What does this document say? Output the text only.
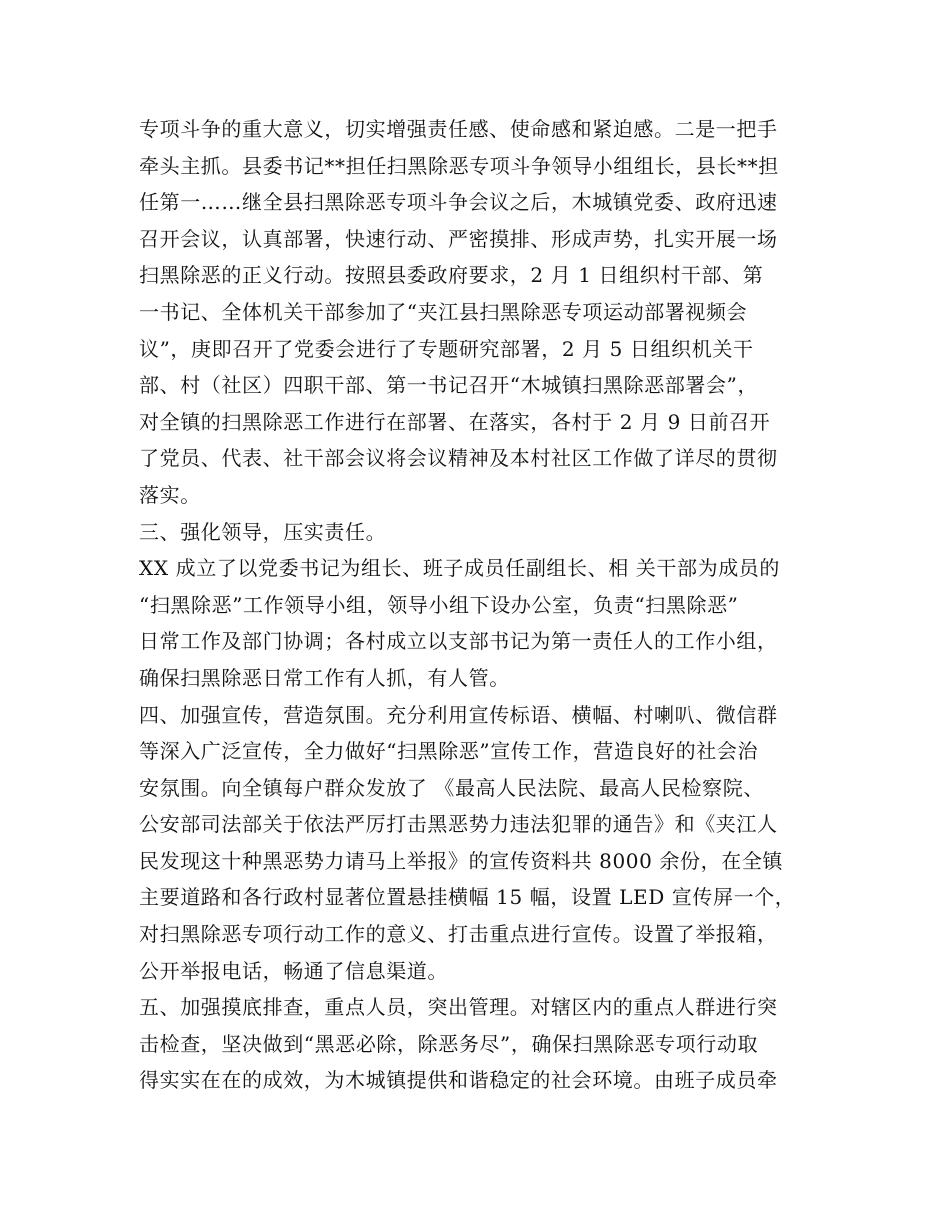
专项斗争的重大意义，切实增强责任感、使命感和紧迫感。二是一把手
牵头主抓。县委书记**担任扫黑除恶专项斗争领导小组组长，县长**担
任第一……继全县扫黑除恶专项斗争会议之后，木城镇党委、政府迅速
召开会议，认真部署，快速行动、严密摸排、形成声势，扎实开展一场
扫黑除恶的正义行动。按照县委政府要求，2 月 1 日组织村干部、第
一书记、全体机关干部参加了“夹江县扫黑除恶专项运动部署视频会
议”，庚即召开了党委会进行了专题研究部署，2 月 5 日组织机关干
部、村（社区）四职干部、第一书记召开“木城镇扫黑除恶部署会”，
对全镇的扫黑除恶工作进行在部署、在落实，各村于 2 月 9 日前召开
了党员、代表、社干部会议将会议精神及本村社区工作做了详尽的贯彻
落实。
三、强化领导，压实责任。
XX 成立了以党委书记为组长、班子成员任副组长、相 关干部为成员的
“扫黑除恶”工作领导小组，领导小组下设办公室，负责“扫黑除恶”
日常工作及部门协调；各村成立以支部书记为第一责任人的工作小组，
确保扫黑除恶日常工作有人抓，有人管。
四、加强宣传，营造氛围。充分利用宣传标语、横幅、村喇叭、微信群
等深入广泛宣传，全力做好“扫黑除恶”宣传工作，营造良好的社会治
安氛围。向全镇每户群众发放了 《最高人民法院、最高人民检察院、
公安部司法部关于依法严厉打击黑恶势力违法犯罪的通告》和《夹江人
民发现这十种黑恶势力请马上举报》的宣传资料共 8000 余份，在全镇
主要道路和各行政村显著位置悬挂横幅 15 幅，设置 LED 宣传屏一个，
对扫黑除恶专项行动工作的意义、打击重点进行宣传。设置了举报箱，
公开举报电话，畅通了信息渠道。
五、加强摸底排查，重点人员，突出管理。对辖区内的重点人群进行突
击检查，坚决做到“黑恶必除，除恶务尽”，确保扫黑除恶专项行动取
得实实在在的成效，为木城镇提供和谐稳定的社会环境。由班子成员牵
